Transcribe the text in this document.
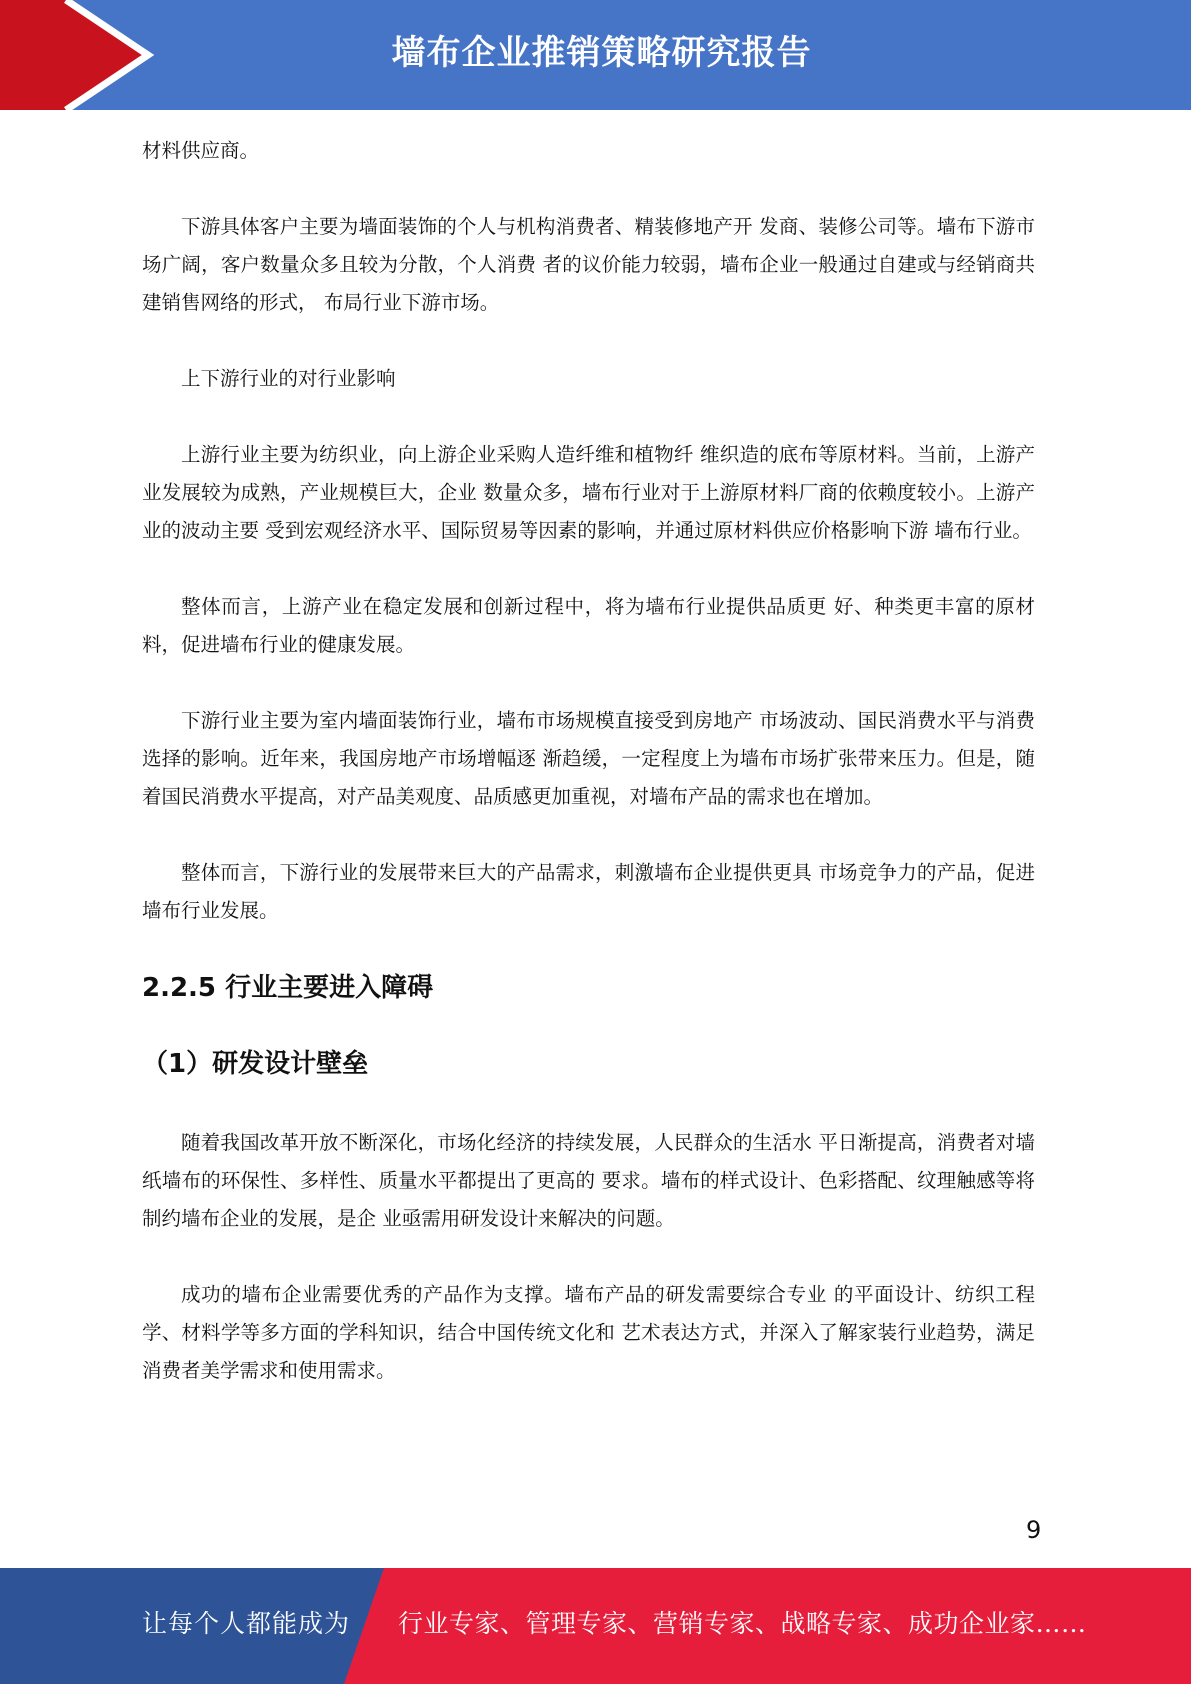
墙布企业推销策略研究报告

材料供应商。

下游具体客户主要为墙面装饰的个人与机构消费者、精装修地产开 发商、装修公司等。墙布下游市场广阔，客户数量众多且较为分散，个人消费 者的议价能力较弱，墙布企业一般通过自建或与经销商共建销售网络的形式， 布局行业下游市场。

上下游行业的对行业影响

上游行业主要为纺织业，向上游企业采购人造纤维和植物纤 维织造的底布等原材料。当前，上游产业发展较为成熟，产业规模巨大，企业 数量众多，墙布行业对于上游原材料厂商的依赖度较小。上游产业的波动主要 受到宏观经济水平、国际贸易等因素的影响，并通过原材料供应价格影响下游 墙布行业。

整体而言，上游产业在稳定发展和创新过程中，将为墙布行业提供品质更 好、种类更丰富的原材料，促进墙布行业的健康发展。

下游行业主要为室内墙面装饰行业，墙布市场规模直接受到房地产 市场波动、国民消费水平与消费选择的影响。近年来，我国房地产市场增幅逐 渐趋缓，一定程度上为墙布市场扩张带来压力。但是，随着国民消费水平提高，对产品美观度、品质感更加重视，对墙布产品的需求也在增加。

整体而言，下游行业的发展带来巨大的产品需求，刺激墙布企业提供更具 市场竞争力的产品，促进墙布行业发展。

2.2.5 行业主要进入障碍
（1）研发设计壁垒

随着我国改革开放不断深化，市场化经济的持续发展，人民群众的生活水 平日渐提高，消费者对墙纸墙布的环保性、多样性、质量水平都提出了更高的 要求。墙布的样式设计、色彩搭配、纹理触感等将制约墙布企业的发展，是企 业亟需用研发设计来解决的问题。

成功的墙布企业需要优秀的产品作为支撑。墙布产品的研发需要综合专业 的平面设计、纺织工程学、材料学等多方面的学科知识，结合中国传统文化和 艺术表达方式，并深入了解家装行业趋势，满足消费者美学需求和使用需求。

9
让每个人都能成为 行业专家、管理专家、营销专家、战略专家、成功企业家……
